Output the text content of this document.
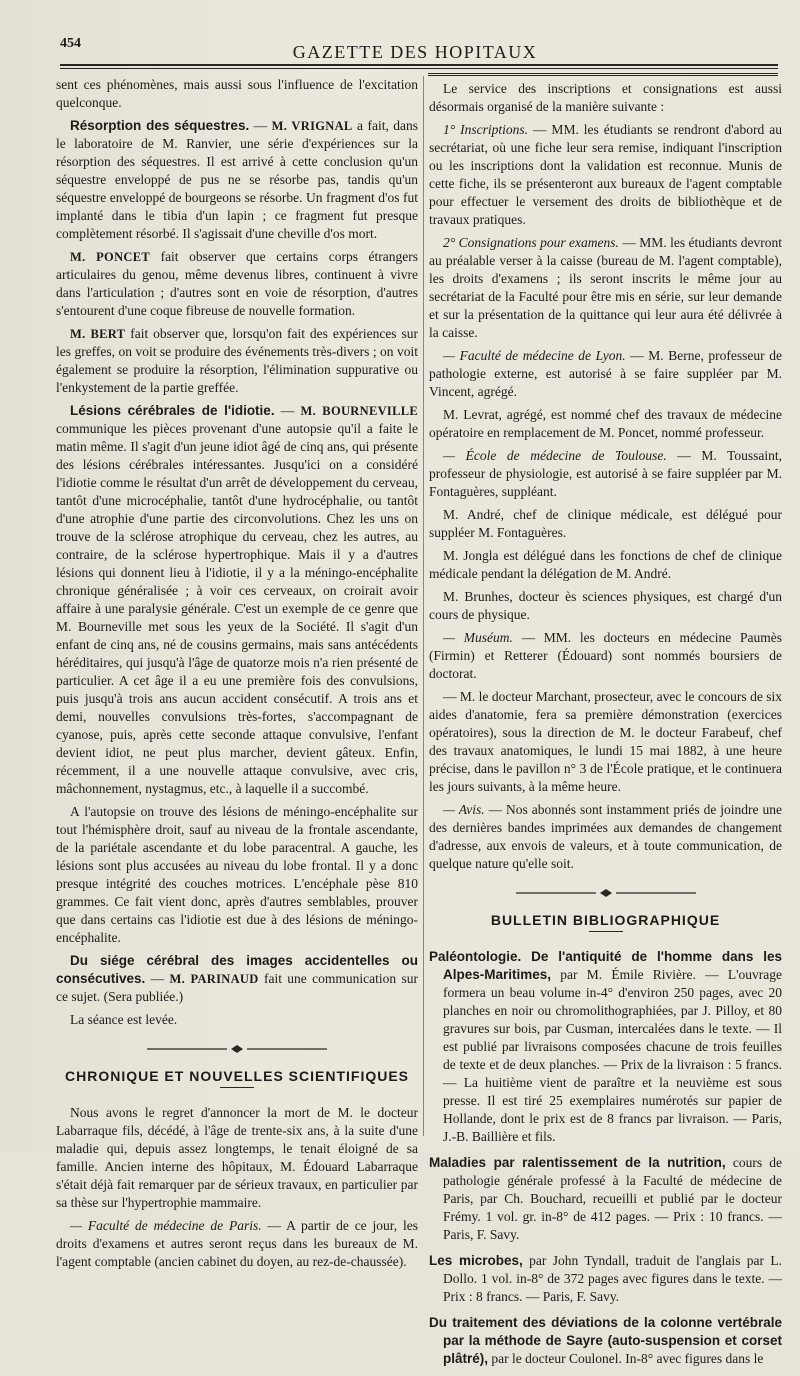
454	GAZETTE DES HOPITAUX

sent ces phénomènes, mais aussi sous l'influence de l'excitation quelconque.

Résorption des séquestres. — M. VRIGNAL a fait, dans le laboratoire de M. Ranvier, une série d'expériences sur la résorption des séquestres. Il est arrivé à cette conclusion qu'un séquestre enveloppé de pus ne se résorbe pas, tandis qu'un séquestre enveloppé de bourgeons se résorbe. Un fragment d'os fut implanté dans le tibia d'un lapin ; ce fragment fut presque complètement résorbé. Il s'agissait d'une cheville d'os mort.

M. PONCET fait observer que certains corps étrangers articulaires du genou, même devenus libres, continuent à vivre dans l'articulation ; d'autres sont en voie de résorption, d'autres s'entourent d'une coque fibreuse de nouvelle formation.

M. BERT fait observer que, lorsqu'on fait des expériences sur les greffes, on voit se produire des événements très-divers ; on voit également se produire la résorption, l'élimination suppurative ou l'enkystement de la partie greffée.

Lésions cérébrales de l'idiotie. — M. BOURNEVILLE communique les pièces provenant d'une autopsie qu'il a faite le matin même. Il s'agit d'un jeune idiot âgé de cinq ans, qui présente des lésions cérébrales intéressantes. Jusqu'ici on a considéré l'idiotie comme le résultat d'un arrêt de développement du cerveau, tantôt d'une microcéphalie, tantôt d'une hydrocéphalie, ou tantôt d'une atrophie d'une partie des circonvolutions. Chez les uns on trouve de la sclérose atrophique du cerveau, chez les autres, au contraire, de la sclérose hypertrophique. Mais il y a d'autres lésions qui donnent lieu à l'idiotie, il y a la méningo-encéphalite chronique généralisée ; à voir ces cerveaux, on croirait avoir affaire à une paralysie générale. C'est un exemple de ce genre que M. Bourneville met sous les yeux de la Société. Il s'agit d'un enfant de cinq ans, né de cousins germains, mais sans antécédents héréditaires, qui jusqu'à l'âge de quatorze mois n'a rien présenté de particulier. A cet âge il a eu une première fois des convulsions, puis jusqu'à trois ans aucun accident consécutif. A trois ans et demi, nouvelles convulsions très-fortes, s'accompagnant de cyanose, puis, après cette seconde attaque convulsive, l'enfant devient idiot, ne peut plus marcher, devient gâteux. Enfin, récemment, il a une nouvelle attaque convulsive, avec cris, mâchonnement, nystagmus, etc., à laquelle il a succombé.

A l'autopsie on trouve des lésions de méningo-encéphalite sur tout l'hémisphère droit, sauf au niveau de la frontale ascendante, de la pariétale ascendante et du lobe paracentral. A gauche, les lésions sont plus accusées au niveau du lobe frontal. Il y a donc presque intégrité des couches motrices. L'encéphale pèse 810 grammes. Ce fait vient donc, après d'autres semblables, prouver que dans certains cas l'idiotie est due à des lésions de méningo-encéphalite.

Du siége cérébral des images accidentelles ou consécutives. — M. PARINAUD fait une communication sur ce sujet. (Sera publiée.)

La séance est levée.

CHRONIQUE ET NOUVELLES SCIENTIFIQUES

Nous avons le regret d'annoncer la mort de M. le docteur Labarraque fils, décédé, à l'âge de trente-six ans, à la suite d'une maladie qui, depuis assez longtemps, le tenait éloigné de sa famille. Ancien interne des hôpitaux, M. Édouard Labarraque s'était déjà fait remarquer par de sérieux travaux, en particulier par sa thèse sur l'hypertrophie mammaire.

— Faculté de médecine de Paris. — A partir de ce jour, les droits d'examens et autres seront reçus dans les bureaux de M. l'agent comptable (ancien cabinet du doyen, au rez-de-chaussée).

Le service des inscriptions et consignations est aussi désormais organisé de la manière suivante :

1° Inscriptions. — MM. les étudiants se rendront d'abord au secrétariat, où une fiche leur sera remise, indiquant l'inscription ou les inscriptions dont la validation est reconnue. Munis de cette fiche, ils se présenteront aux bureaux de l'agent comptable pour effectuer le versement des droits de bibliothèque et de travaux pratiques.

2° Consignations pour examens. — MM. les étudiants devront au préalable verser à la caisse (bureau de M. l'agent comptable), les droits d'examens ; ils seront inscrits le même jour au secrétariat de la Faculté pour être mis en série, sur leur demande et sur la présentation de la quittance qui leur aura été délivrée à la caisse.

— Faculté de médecine de Lyon. — M. Berne, professeur de pathologie externe, est autorisé à se faire suppléer par M. Vincent, agrégé.

M. Levrat, agrégé, est nommé chef des travaux de médecine opératoire en remplacement de M. Poncet, nommé professeur.

— École de médecine de Toulouse. — M. Toussaint, professeur de physiologie, est autorisé à se faire suppléer par M. Fontaguères, suppléant.

M. André, chef de clinique médicale, est délégué pour suppléer M. Fontaguères.

M. Jongla est délégué dans les fonctions de chef de clinique médicale pendant la délégation de M. André.

M. Brunhes, docteur ès sciences physiques, est chargé d'un cours de physique.

— Muséum. — MM. les docteurs en médecine Paumès (Firmin) et Retterer (Édouard) sont nommés boursiers de doctorat.

— M. le docteur Marchant, prosecteur, avec le concours de six aides d'anatomie, fera sa première démonstration (exercices opératoires), sous la direction de M. le docteur Farabeuf, chef des travaux anatomiques, le lundi 15 mai 1882, à une heure précise, dans le pavillon n° 3 de l'École pratique, et le continuera les jours suivants, à la même heure.

— Avis. — Nos abonnés sont instamment priés de joindre une des dernières bandes imprimées aux demandes de changement d'adresse, aux envois de valeurs, et à toute communication, de quelque nature qu'elle soit.

BULLETIN BIBLIOGRAPHIQUE

Paléontologie. De l'antiquité de l'homme dans les Alpes-Maritimes, par M. Émile Rivière. — L'ouvrage formera un beau volume in-4° d'environ 250 pages, avec 20 planches en noir ou chromolithographiées, par J. Pilloy, et 80 gravures sur bois, par Cusman, intercalées dans le texte. — Il est publié par livraisons composées chacune de trois feuilles de texte et de deux planches. — Prix de la livraison : 5 francs. — La huitième vient de paraître et la neuvième est sous presse. Il est tiré 25 exemplaires numérotés sur papier de Hollande, dont le prix est de 8 francs par livraison. — Paris, J.-B. Baillière et fils.

Maladies par ralentissement de la nutrition, cours de pathologie générale professé à la Faculté de médecine de Paris, par Ch. Bouchard, recueilli et publié par le docteur Frémy. 1 vol. gr. in-8° de 412 pages. — Prix : 10 francs. — Paris, F. Savy.

Les microbes, par John Tyndall, traduit de l'anglais par L. Dollo. 1 vol. in-8° de 372 pages avec figures dans le texte. — Prix : 8 francs. — Paris, F. Savy.

Du traitement des déviations de la colonne vertébrale par la méthode de Sayre (auto-suspension et corset plâtré), par le docteur Coulonel. In-8° avec figures dans le
